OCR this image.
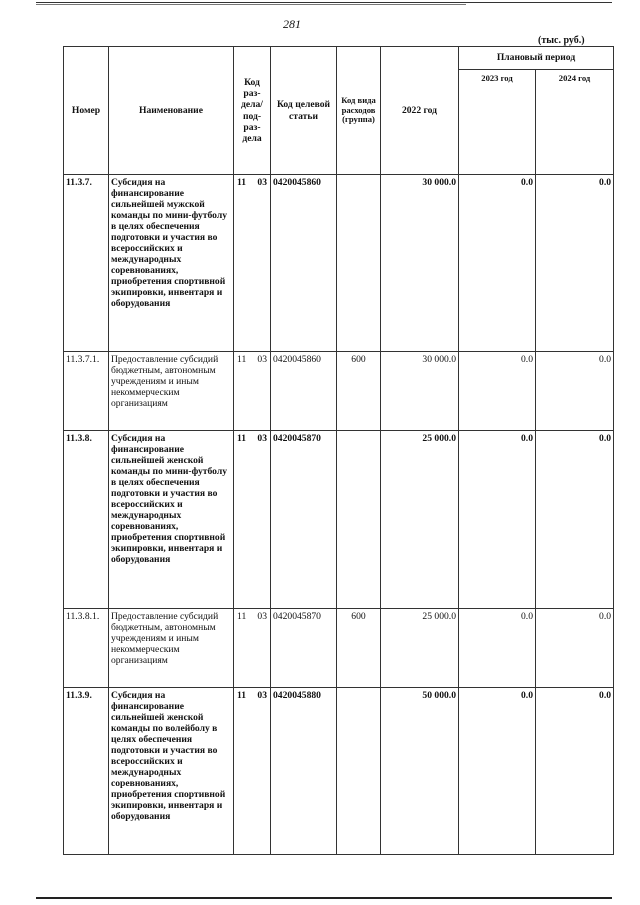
281
(тыс. руб.)
Номер	Наименование	Код раз-дела/ под-раз-дела	Код целевой статьи	Код вида расходов (группа)	2022 год	Плановый период	
						2023 год	2024 год
11.3.7.	Субсидия на финансирование сильнейшей мужской команды по мини-футболу в целях обеспечения подготовки и участия во всероссийских и международных соревнованиях, приобретения спортивной экипировки, инвентаря и оборудования	11 03	0420045860		30 000.0	0.0	0.0
11.3.7.1.	Предоставление субсидий бюджетным, автономным учреждениям и иным некоммерческим организациям	11 03	0420045860	600	30 000.0	0.0	0.0
11.3.8.	Субсидия на финансирование сильнейшей женской команды по мини-футболу в целях обеспечения подготовки и участия во всероссийских и международных соревнованиях, приобретения спортивной экипировки, инвентаря и оборудования	11 03	0420045870		25 000.0	0.0	0.0
11.3.8.1.	Предоставление субсидий бюджетным, автономным учреждениям и иным некоммерческим организациям	11 03	0420045870	600	25 000.0	0.0	0.0
11.3.9.	Субсидия на финансирование сильнейшей женской команды по волейболу в целях обеспечения подготовки и участия во всероссийских и международных соревнованиях, приобретения спортивной экипировки, инвентаря и оборудования	11 03	0420045880		50 000.0	0.0	0.0
